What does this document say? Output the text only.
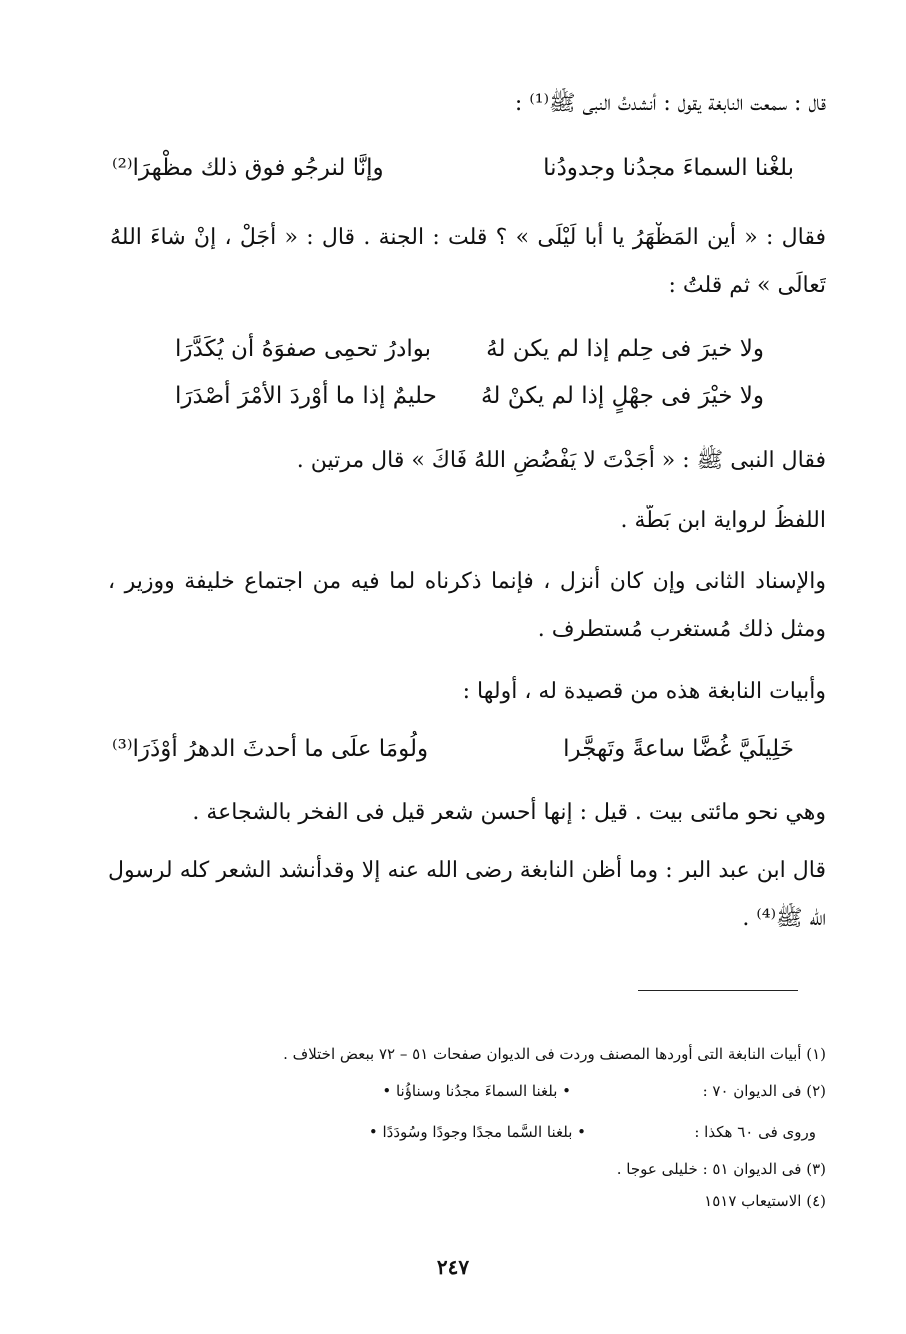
قال : سمعت النابغة يقول : أنشدتُ النبى ﷺ⁽¹⁾ :
بلغْنا السماءَ مجدُنا وجدودُنا
وإنَّا لنرجُو فوق ذلك مظْهرَا⁽²⁾
فقال : « أين المَظْهَرُ يا أبا لَيْلَى » ؟ قلت : الجنة . قال : « أجَلْ ، إنْ شاءَ اللهُ
تَعالَى » ثم قلتُ :
ولا خيرَ فى حِلم إذا لم يكن لهُ
بوادرُ تحمِى صفوَهُ أن يُكَدَّرَا
ولا خيْرَ فى جهْلٍ إذا لم يكنْ لهُ
حليمٌ إذا ما أوْردَ الأمْرَ أصْدَرَا
فقال النبى ﷺ : « أجَدْتَ لا يَفْضُضِ اللهُ فَاكَ » قال مرتين .
اللفظُ لرواية ابن بَطَّة .
والإسناد الثانى وإن كان أنزل ، فإنما ذكرناه لما فيه من اجتماع خليفة ووزير ،
ومثل ذلك مُستغرب مُستطرف .
وأبيات النابغة هذه من قصيدة له ، أولها :
خَلِيلَيَّ غُضَّا ساعةً وتَهجَّرا
ولُومَا علَى ما أحدثَ الدهرُ أوْذَرَا⁽³⁾
وهي نحو مائتى بيت . قيل : إنها أحسن شعر قيل فى الفخر بالشجاعة .
قال ابن عبد البر : وما أظن النابغة رضى الله عنه إلا وقدأنشد الشعر كله لرسول
الله ﷺ⁽⁴⁾ .
(١) أبيات النابغة التى أوردها المصنف وردت فى الديوان صفحات ٥١ – ٧٢ ببعض اختلاف .
(٢) فى الديوان ٧٠ :
• بلغنا السماءَ مجدُنا وسناؤُنا •
وروى فى ٦٠ هكذا :
• بلغنا السَّما مجدًا وجودًا وسُودَدًا •
(٣) فى الديوان ٥١ : خليلى عوجا .
(٤) الاستيعاب ١٥١٧
٢٤٧
